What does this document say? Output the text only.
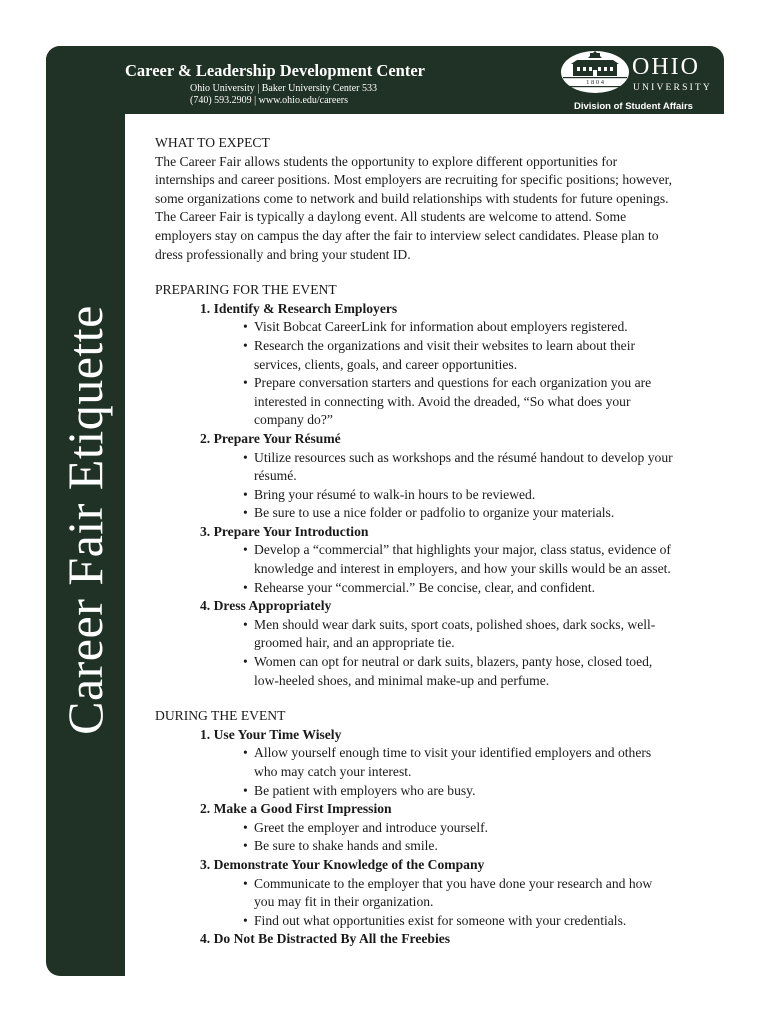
Career Fair Etiquette
Career & Leadership Development Center
Ohio University | Baker University Center 533
(740) 593.2909 | www.ohio.edu/careers
1 8 0 4
OHIO
UNIVERSITY
Division of Student Affairs
WHAT TO EXPECT
The Career Fair allows students the opportunity to explore different opportunities for
internships and career positions. Most employers are recruiting for specific positions; however,
some organizations come to network and build relationships with students for future openings.
The Career Fair is typically a daylong event. All students are welcome to attend. Some
employers stay on campus the day after the fair to interview select candidates. Please plan to
dress professionally and bring your student ID.
PREPARING FOR THE EVENT
1. Identify & Research Employers
• Visit Bobcat CareerLink for information about employers registered.
• Research the organizations and visit their websites to learn about their
services, clients, goals, and career opportunities.
• Prepare conversation starters and questions for each organization you are
interested in connecting with. Avoid the dreaded, “So what does your
company do?”
2. Prepare Your Résumé
• Utilize resources such as workshops and the résumé handout to develop your
résumé.
• Bring your résumé to walk-in hours to be reviewed.
• Be sure to use a nice folder or padfolio to organize your materials.
3. Prepare Your Introduction
• Develop a “commercial” that highlights your major, class status, evidence of
knowledge and interest in employers, and how your skills would be an asset.
• Rehearse your “commercial.” Be concise, clear, and confident.
4. Dress Appropriately
• Men should wear dark suits, sport coats, polished shoes, dark socks, well-
groomed hair, and an appropriate tie.
• Women can opt for neutral or dark suits, blazers, panty hose, closed toed,
low-heeled shoes, and minimal make-up and perfume.
DURING THE EVENT
1. Use Your Time Wisely
• Allow yourself enough time to visit your identified employers and others
who may catch your interest.
• Be patient with employers who are busy.
2. Make a Good First Impression
• Greet the employer and introduce yourself.
• Be sure to shake hands and smile.
3. Demonstrate Your Knowledge of the Company
• Communicate to the employer that you have done your research and how
you may fit in their organization.
• Find out what opportunities exist for someone with your credentials.
4. Do Not Be Distracted By All the Freebies
